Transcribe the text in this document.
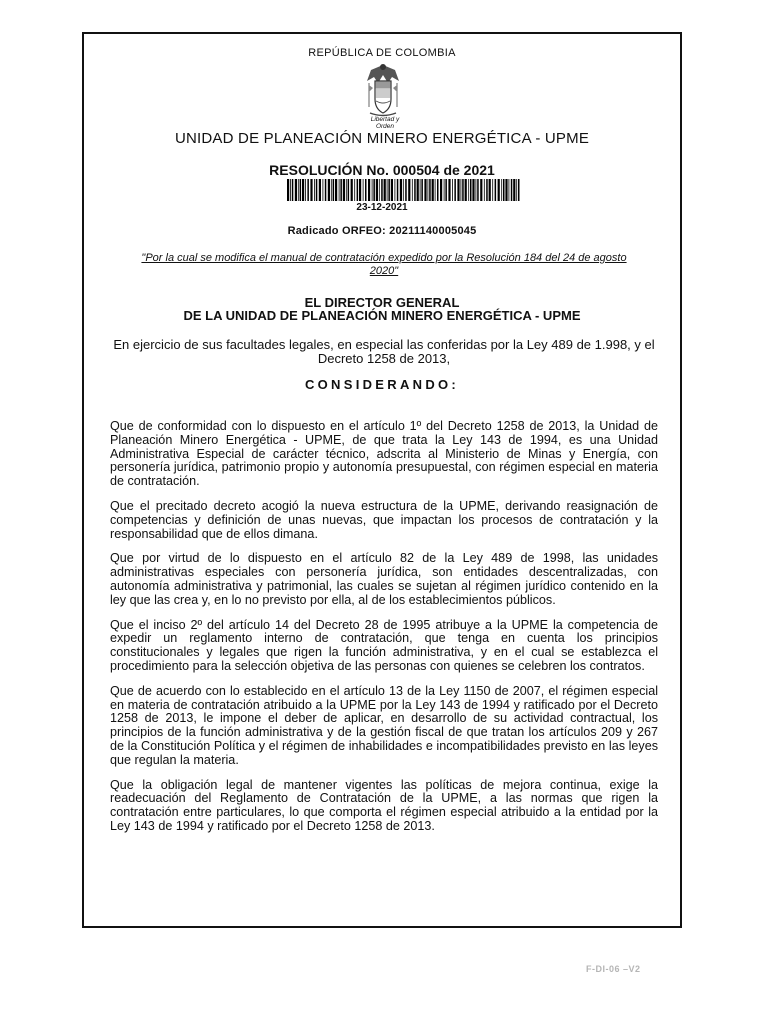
REPÚBLICA DE COLOMBIA
Libertad y Orden
UNIDAD DE PLANEACIÓN MINERO ENERGÉTICA - UPME
RESOLUCIÓN No. 000504 de 2021
23-12-2021
Radicado ORFEO: 20211140005045
"Por la cual se modifica el manual de contratación expedido por la Resolución 184 del 24 de agosto 2020"
EL DIRECTOR GENERAL
DE LA UNIDAD DE PLANEACIÓN MINERO ENERGÉTICA - UPME
En ejercicio de sus facultades legales, en especial las conferidas por la Ley 489 de 1.998, y el Decreto 1258 de 2013,
CONSIDERANDO:

Que de conformidad con lo dispuesto en el artículo 1º del Decreto 1258 de 2013, la Unidad de Planeación Minero Energética - UPME, de que trata la Ley 143 de 1994, es una Unidad Administrativa Especial de carácter técnico, adscrita al Ministerio de Minas y Energía, con personería jurídica, patrimonio propio y autonomía presupuestal, con régimen especial en materia de contratación.

Que el precitado decreto acogió la nueva estructura de la UPME, derivando reasignación de competencias y definición de unas nuevas, que impactan los procesos de contratación y la responsabilidad que de ellos dimana.

Que por virtud de lo dispuesto en el artículo 82 de la Ley 489 de 1998, las unidades administrativas especiales con personería jurídica, son entidades descentralizadas, con autonomía administrativa y patrimonial, las cuales se sujetan al régimen jurídico contenido en la ley que las crea y, en lo no previsto por ella, al de los establecimientos públicos.

Que el inciso 2º del artículo 14 del Decreto 28 de 1995 atribuye a la UPME la competencia de expedir un reglamento interno de contratación, que tenga en cuenta los principios constitucionales y legales que rigen la función administrativa, y en el cual se establezca el procedimiento para la selección objetiva de las personas con quienes se celebren los contratos.

Que de acuerdo con lo establecido en el artículo 13 de la Ley 1150 de 2007, el régimen especial en materia de contratación atribuido a la UPME por la Ley 143 de 1994 y ratificado por el Decreto 1258 de 2013, le impone el deber de aplicar, en desarrollo de su actividad contractual, los principios de la función administrativa y de la gestión fiscal de que tratan los artículos 209 y 267 de la Constitución Política y el régimen de inhabilidades e incompatibilidades previsto en las leyes que regulan la materia.

Que la obligación legal de mantener vigentes las políticas de mejora continua, exige la readecuación del Reglamento de Contratación de la UPME, a las normas que rigen la contratación entre particulares, lo que comporta el régimen especial atribuido a la entidad por la Ley 143 de 1994 y ratificado por el Decreto 1258 de 2013.

F-DI-06 –V2
